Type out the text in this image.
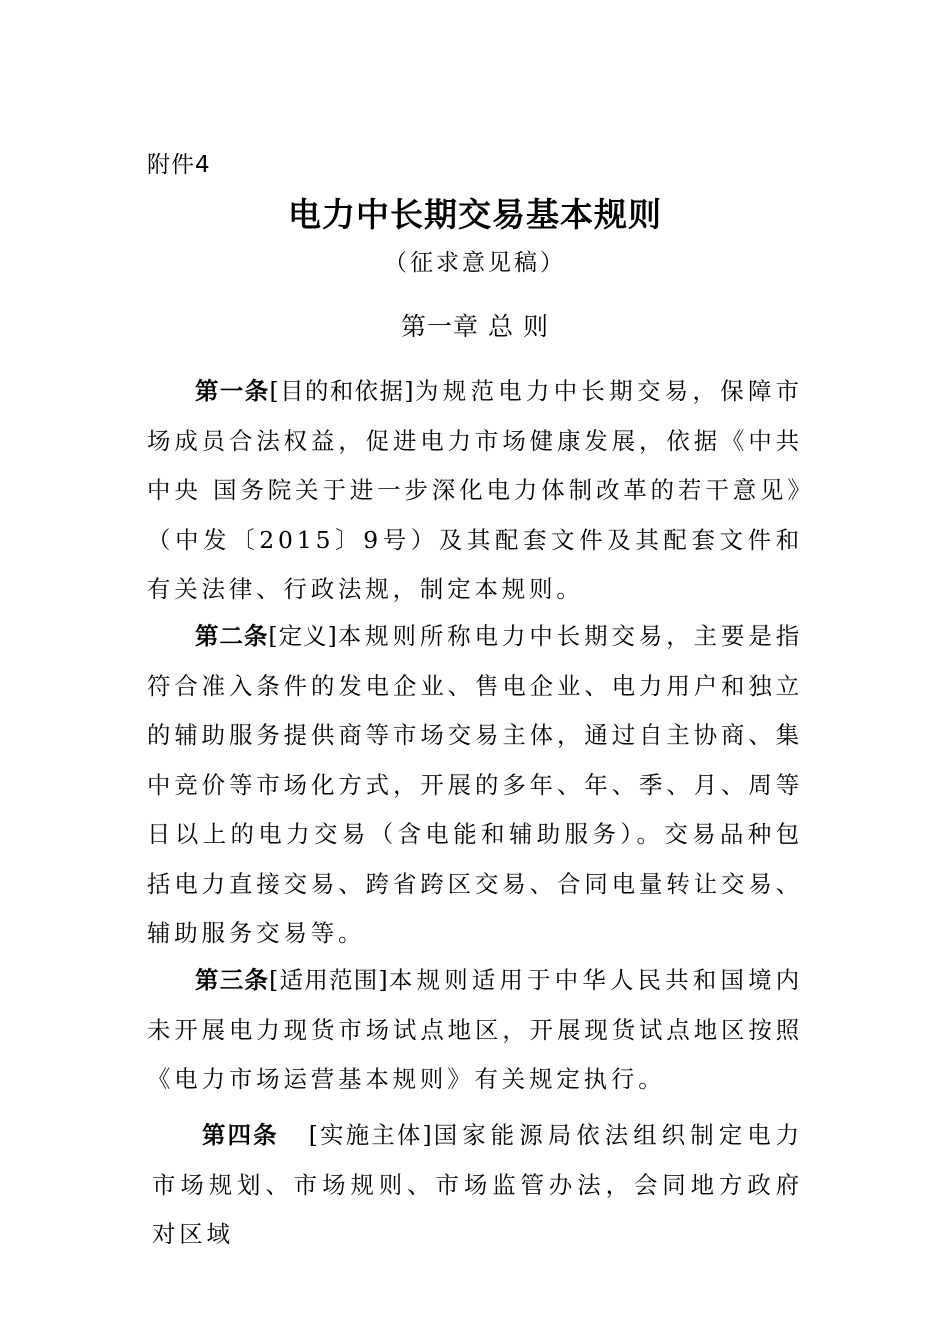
附件4
电力中长期交易基本规则
（征求意见稿）
第一章 总 则

第一条[目的和依据]为规范电力中长期交易，保障市场成员合法权益，促进电力市场健康发展，依据《中共中央 国务院关于进一步深化电力体制改革的若干意见》（中发〔2015〕9号）及其配套文件及其配套文件和有关法律、行政法规，制定本规则。

第二条[定义]本规则所称电力中长期交易，主要是指符合准入条件的发电企业、售电企业、电力用户和独立的辅助服务提供商等市场交易主体，通过自主协商、集中竞价等市场化方式，开展的多年、年、季、月、周等日以上的电力交易（含电能和辅助服务）。交易品种包括电力直接交易、跨省跨区交易、合同电量转让交易、辅助服务交易等。

第三条[适用范围]本规则适用于中华人民共和国境内未开展电力现货市场试点地区，开展现货试点地区按照《电力市场运营基本规则》有关规定执行。

第四条 [实施主体]国家能源局依法组织制定电力市场规划、市场规则、市场监管办法，会同地方政府对区域
